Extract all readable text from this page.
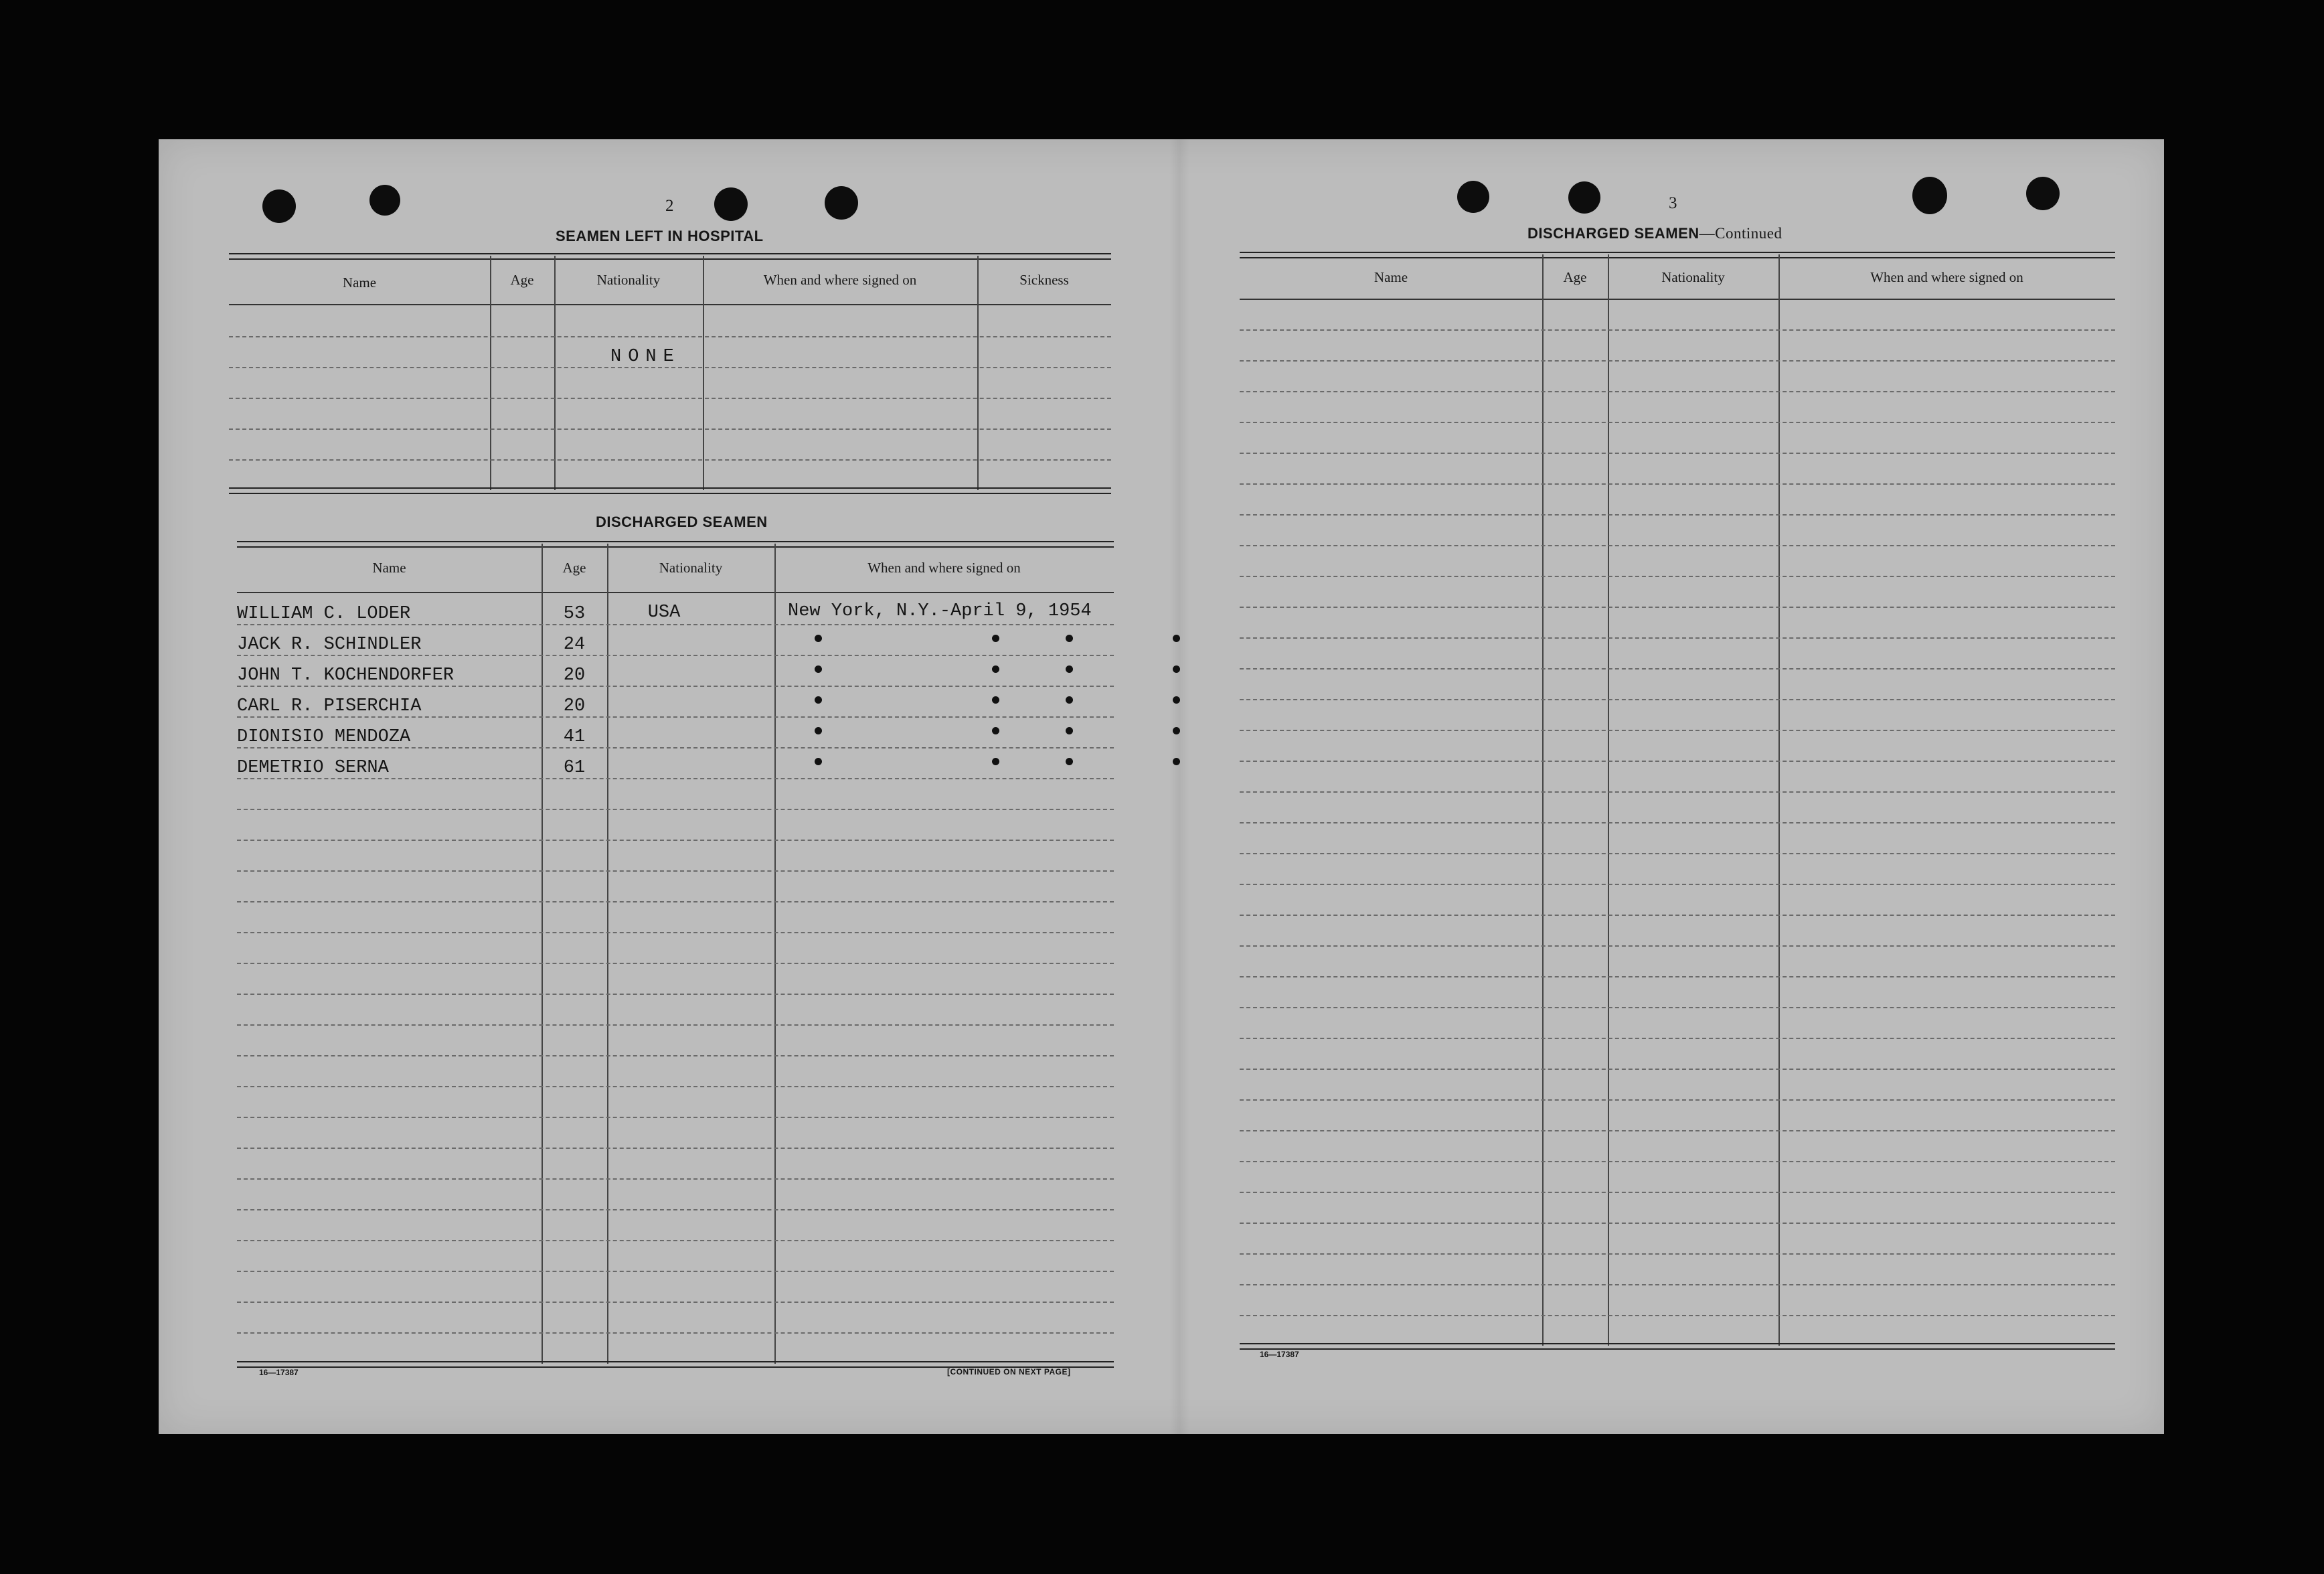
2
SEAMEN LEFT IN HOSPITAL
Name	Age	Nationality	When and where signed on	Sickness
NONE
DISCHARGED SEAMEN
Name	Age	Nationality	When and where signed on
WILLIAM C. LODER	53	USA	New York, N.Y.-April 9, 1954
JACK R. SCHINDLER	24
JOHN T. KOCHENDORFER	20
CARL R. PISERCHIA	20
DIONISIO MENDOZA	41
DEMETRIO SERNA	61
16—17387	[CONTINUED ON NEXT PAGE]
3
DISCHARGED SEAMEN—Continued
Name	Age	Nationality	When and where signed on
16—17387
